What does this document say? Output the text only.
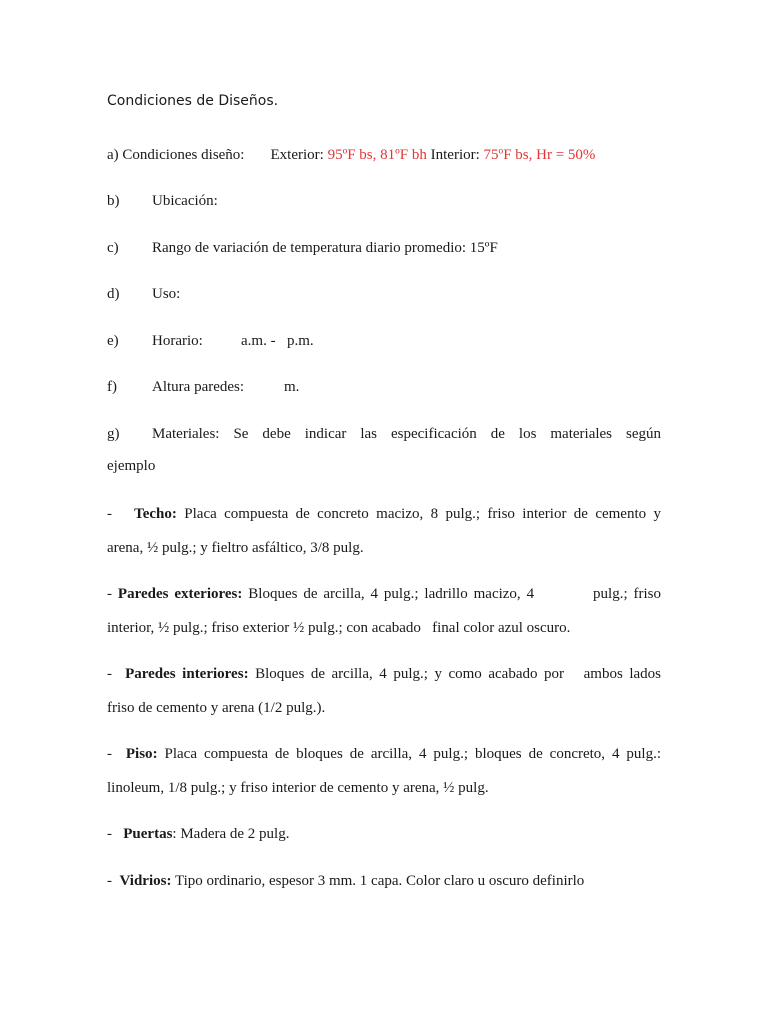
Condiciones de Diseños.
a) Condiciones diseño: Exterior: 95ºF bs, 81ºF bh Interior: 75ºF bs, Hr = 50%
b) Ubicación:
c) Rango de variación de temperatura diario promedio: 15ºF
d) Uso:
e) Horario:	a.m. - p.m.
f) Altura paredes:	m.
g) Materiales: Se debe indicar las especificación de los materiales según
ejemplo
- Techo: Placa compuesta de concreto macizo, 8 pulg.; friso interior de cemento y
arena, ½ pulg.; y fieltro asfáltico, 3/8 pulg.
- Paredes exteriores: Bloques de arcilla, 4 pulg.; ladrillo macizo, 4          pulg.; friso
interior, ½ pulg.; friso exterior ½ pulg.; con acabado   final color azul oscuro.
- Paredes interiores: Bloques de arcilla, 4 pulg.; y como acabado por   ambos lados
friso de cemento y arena (1/2 pulg.).
- Piso: Placa compuesta de bloques de arcilla, 4 pulg.; bloques de concreto, 4 pulg.:
linoleum, 1/8 pulg.; y friso interior de cemento y arena, ½ pulg.
- Puertas: Madera de 2 pulg.
- Vidrios: Tipo ordinario, espesor 3 mm. 1 capa. Color claro u oscuro definirlo
